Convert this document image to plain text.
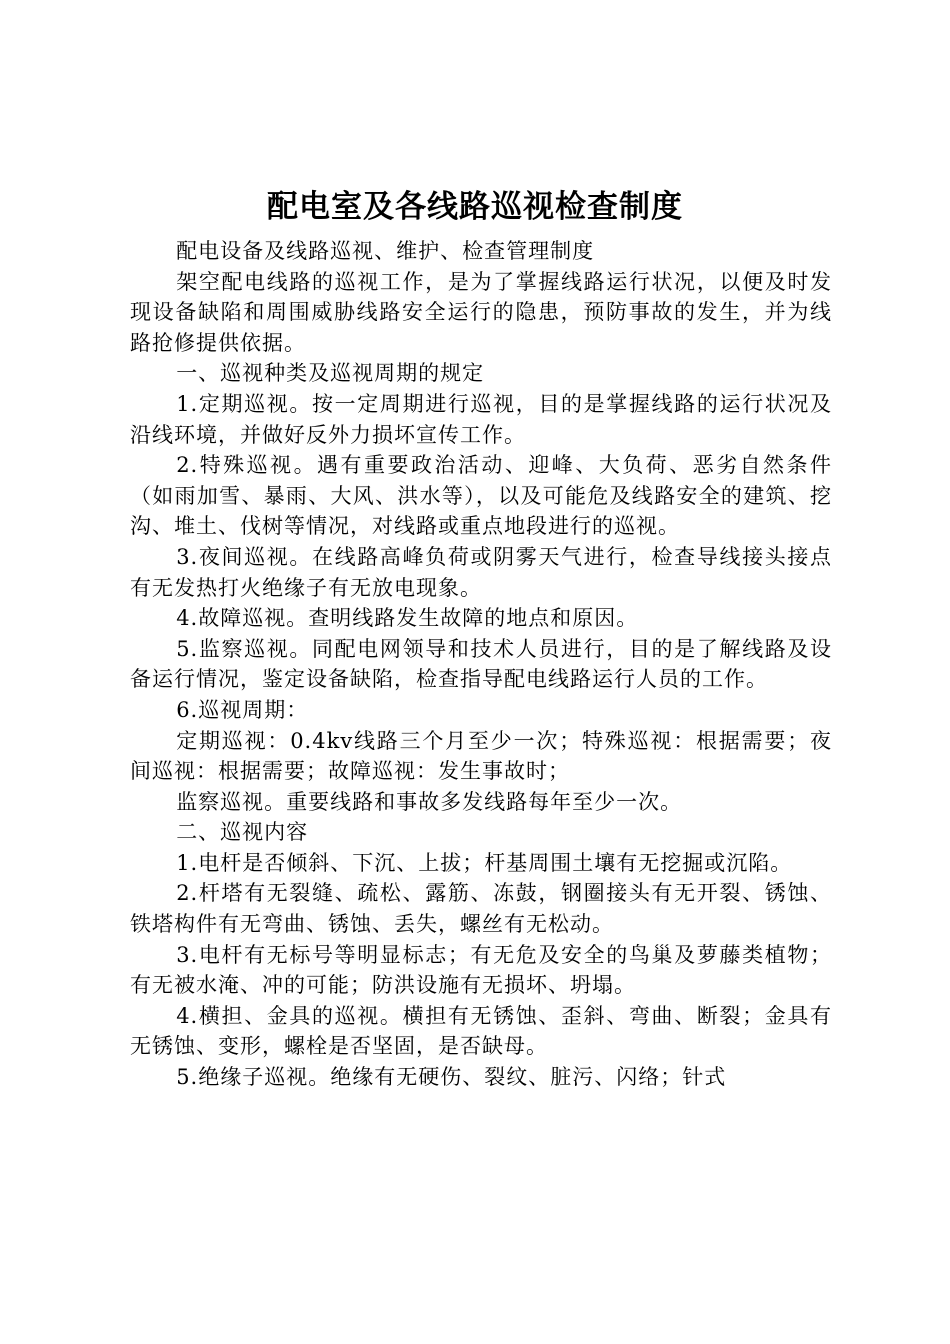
配电室及各线路巡视检查制度

配电设备及线路巡视、维护、检查管理制度

架空配电线路的巡视工作，是为了掌握线路运行状况，以便及时发现设备缺陷和周围威胁线路安全运行的隐患，预防事故的发生，并为线路抢修提供依据。

一、巡视种类及巡视周期的规定

1.定期巡视。按一定周期进行巡视，目的是掌握线路的运行状况及沿线环境，并做好反外力损坏宣传工作。

2.特殊巡视。遇有重要政治活动、迎峰、大负荷、恶劣自然条件（如雨加雪、暴雨、大风、洪水等），以及可能危及线路安全的建筑、挖沟、堆土、伐树等情况，对线路或重点地段进行的巡视。

3.夜间巡视。在线路高峰负荷或阴雾天气进行，检查导线接头接点有无发热打火绝缘子有无放电现象。

4.故障巡视。查明线路发生故障的地点和原因。

5.监察巡视。同配电网领导和技术人员进行，目的是了解线路及设备运行情况，鉴定设备缺陷，检查指导配电线路运行人员的工作。

6.巡视周期：

定期巡视：0.4kv线路三个月至少一次；特殊巡视：根据需要；夜间巡视：根据需要；故障巡视：发生事故时；

监察巡视。重要线路和事故多发线路每年至少一次。

二、巡视内容

1.电杆是否倾斜、下沉、上拔；杆基周围土壤有无挖掘或沉陷。

2.杆塔有无裂缝、疏松、露筋、冻鼓，钢圈接头有无开裂、锈蚀、铁塔构件有无弯曲、锈蚀、丢失，螺丝有无松动。

3.电杆有无标号等明显标志；有无危及安全的鸟巢及萝藤类植物；有无被水淹、冲的可能；防洪设施有无损坏、坍塌。

4.横担、金具的巡视。横担有无锈蚀、歪斜、弯曲、断裂；金具有无锈蚀、变形，螺栓是否坚固，是否缺母。

5.绝缘子巡视。绝缘有无硬伤、裂纹、脏污、闪络；针式
